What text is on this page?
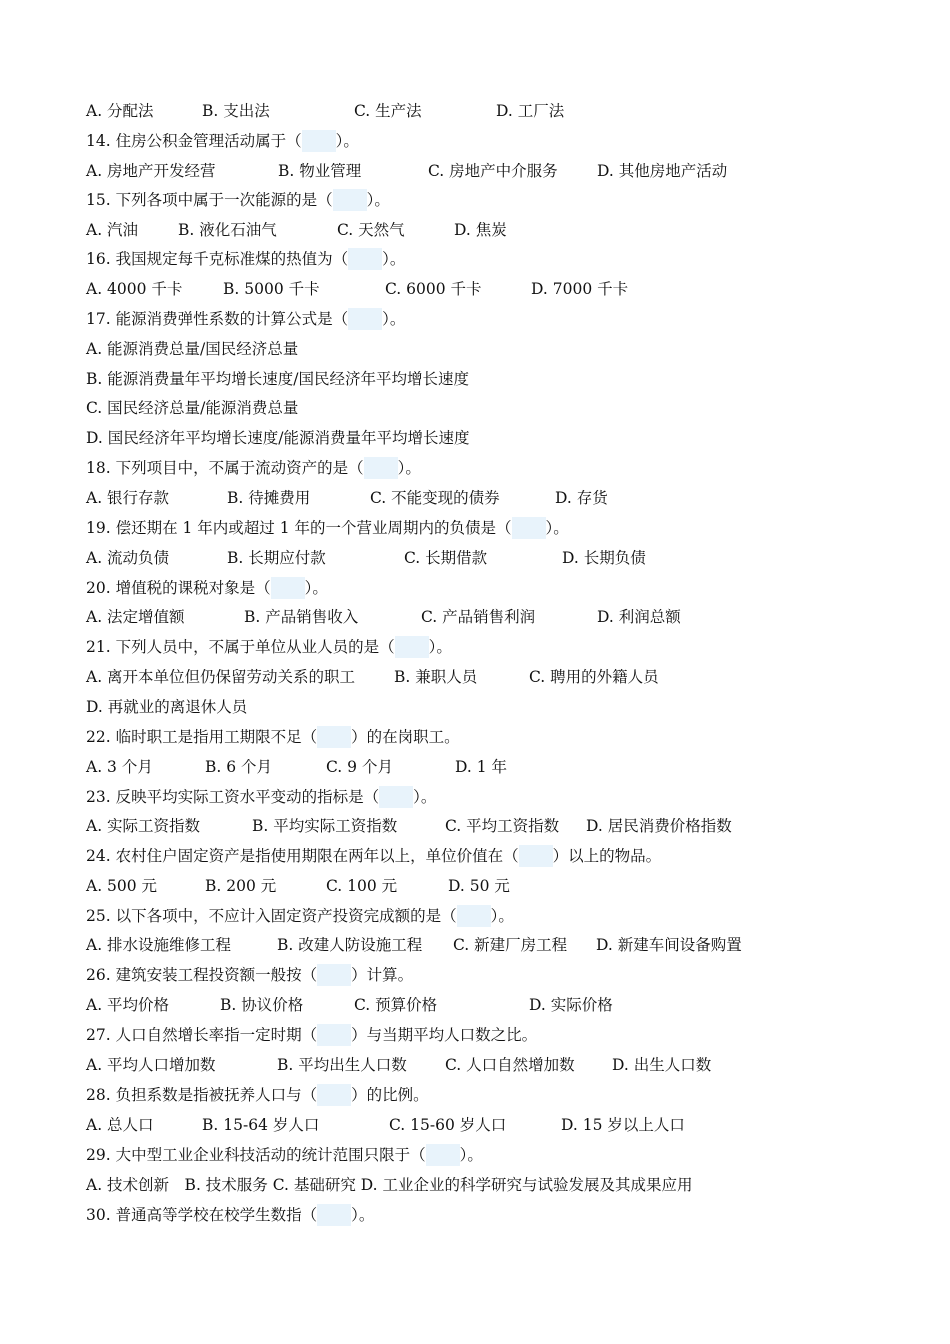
A. 分配法	B. 支出法	C. 生产法	D. 工厂法
14. 住房公积金管理活动属于（ ）。
A. 房地产开发经营	B. 物业管理	C. 房地产中介服务	D. 其他房地产活动
15. 下列各项中属于一次能源的是（ ）。
A. 汽油	B. 液化石油气	C. 天然气	D. 焦炭
16. 我国规定每千克标准煤的热值为（ ）。
A. 4000 千卡	B. 5000 千卡	C. 6000 千卡	D. 7000 千卡
17. 能源消费弹性系数的计算公式是（ ）。
A. 能源消费总量/国民经济总量
B. 能源消费量年平均增长速度/国民经济年平均增长速度
C. 国民经济总量/能源消费总量
D. 国民经济年平均增长速度/能源消费量年平均增长速度
18. 下列项目中，不属于流动资产的是（ ）。
A. 银行存款	B. 待摊费用	C. 不能变现的债券	D. 存货
19. 偿还期在 1 年内或超过 1 年的一个营业周期内的负债是（ ）。
A. 流动负债	B. 长期应付款	C. 长期借款	D. 长期负债
20. 增值税的课税对象是（ ）。
A. 法定增值额	B. 产品销售收入	C. 产品销售利润	D. 利润总额
21. 下列人员中，不属于单位从业人员的是（ ）。
A. 离开本单位但仍保留劳动关系的职工	B. 兼职人员	C. 聘用的外籍人员
D. 再就业的离退休人员
22. 临时职工是指用工期限不足（ ）的在岗职工。
A. 3 个月	B. 6 个月	C. 9 个月	D. 1 年
23. 反映平均实际工资水平变动的指标是（ ）。
A. 实际工资指数	B. 平均实际工资指数	C. 平均工资指数 D. 居民消费价格指数
24. 农村住户固定资产是指使用期限在两年以上，单位价值在（ ）以上的物品。
A. 500 元	B. 200 元	C. 100 元	D. 50 元
25. 以下各项中，不应计入固定资产投资完成额的是（ ）。
A. 排水设施维修工程	B. 改建人防设施工程 C. 新建厂房工程 D. 新建车间设备购置
26. 建筑安装工程投资额一般按（ ）计算。
A. 平均价格	B. 协议价格	C. 预算价格	D. 实际价格
27. 人口自然增长率指一定时期（ ）与当期平均人口数之比。
A. 平均人口增加数	B. 平均出生人口数 C. 人口自然增加数 D. 出生人口数
28. 负担系数是指被抚养人口与（ ）的比例。
A. 总人口	B. 15-64 岁人口	C. 15-60 岁人口	D. 15 岁以上人口
29. 大中型工业企业科技活动的统计范围只限于（ ）。
A. 技术创新　B. 技术服务 C. 基础研究 D. 工业企业的科学研究与试验发展及其成果应用
30. 普通高等学校在校学生数指（ ）。
